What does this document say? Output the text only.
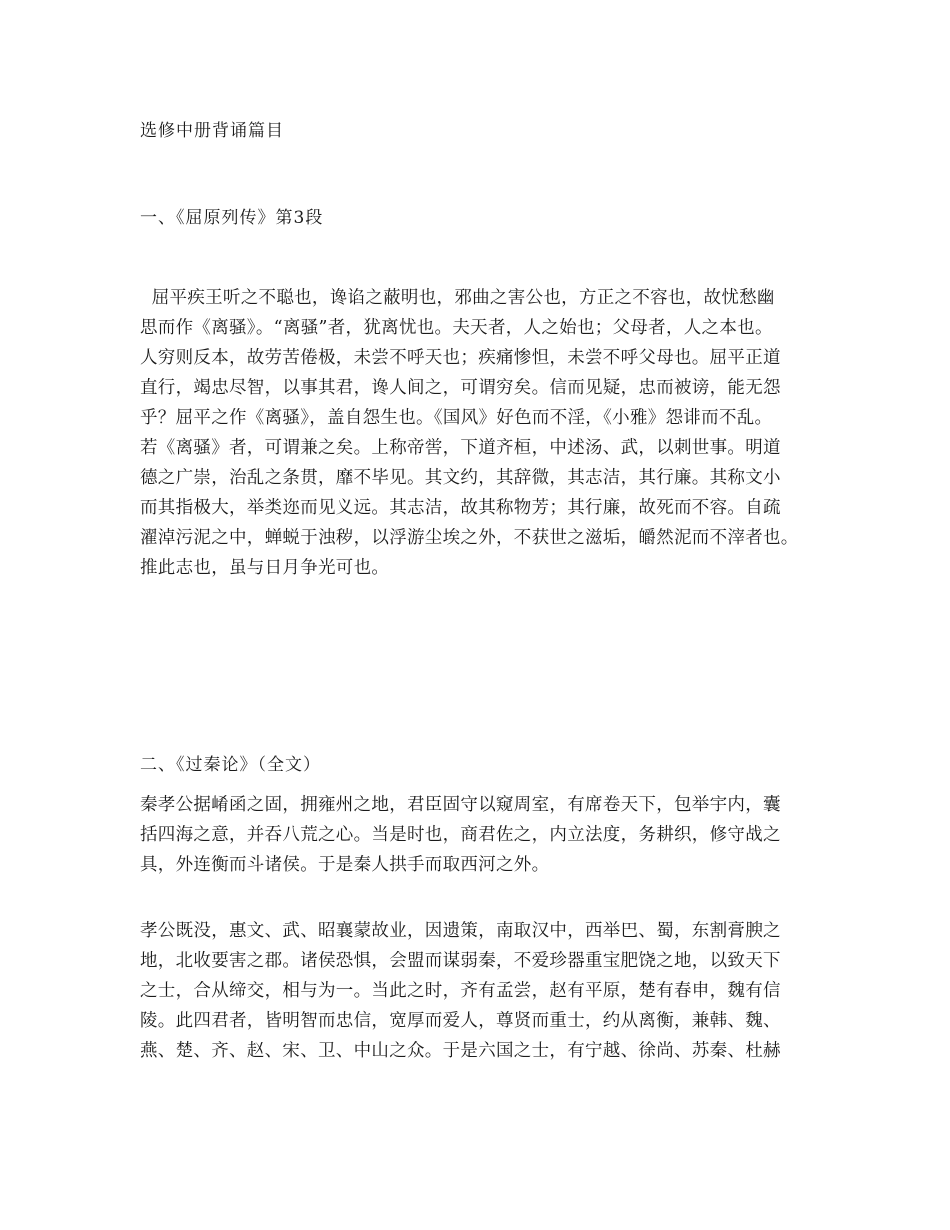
选修中册背诵篇目
一、《屈原列传》第3段
屈平疾王听之不聪也，谗谄之蔽明也，邪曲之害公也，方正之不容也，故忧愁幽
思而作《离骚》。“离骚”者，犹离忧也。夫天者，人之始也；父母者，人之本也。
人穷则反本，故劳苦倦极，未尝不呼天也；疾痛惨怛，未尝不呼父母也。屈平正道
直行，竭忠尽智，以事其君，谗人间之，可谓穷矣。信而见疑，忠而被谤，能无怨
乎？屈平之作《离骚》，盖自怨生也。《国风》好色而不淫，《小雅》怨诽而不乱。
若《离骚》者，可谓兼之矣。上称帝喾，下道齐桓，中述汤、武，以刺世事。明道
德之广崇，治乱之条贯，靡不毕见。其文约，其辞微，其志洁，其行廉。其称文小
而其指极大，举类迩而见义远。其志洁，故其称物芳；其行廉，故死而不容。自疏
濯淖污泥之中，蝉蜕于浊秽，以浮游尘埃之外，不获世之滋垢，皭然泥而不滓者也。
推此志也，虽与日月争光可也。
二、《过秦论》（全文）
秦孝公据崤函之固，拥雍州之地，君臣固守以窥周室，有席卷天下，包举宇内，囊
括四海之意，并吞八荒之心。当是时也，商君佐之，内立法度，务耕织，修守战之
具，外连衡而斗诸侯。于是秦人拱手而取西河之外。
孝公既没，惠文、武、昭襄蒙故业，因遗策，南取汉中，西举巴、蜀，东割膏腴之
地，北收要害之郡。诸侯恐惧，会盟而谋弱秦，不爱珍器重宝肥饶之地，以致天下
之士，合从缔交，相与为一。当此之时，齐有孟尝，赵有平原，楚有春申，魏有信
陵。此四君者，皆明智而忠信，宽厚而爱人，尊贤而重士，约从离衡，兼韩、魏、
燕、楚、齐、赵、宋、卫、中山之众。于是六国之士，有宁越、徐尚、苏秦、杜赫
